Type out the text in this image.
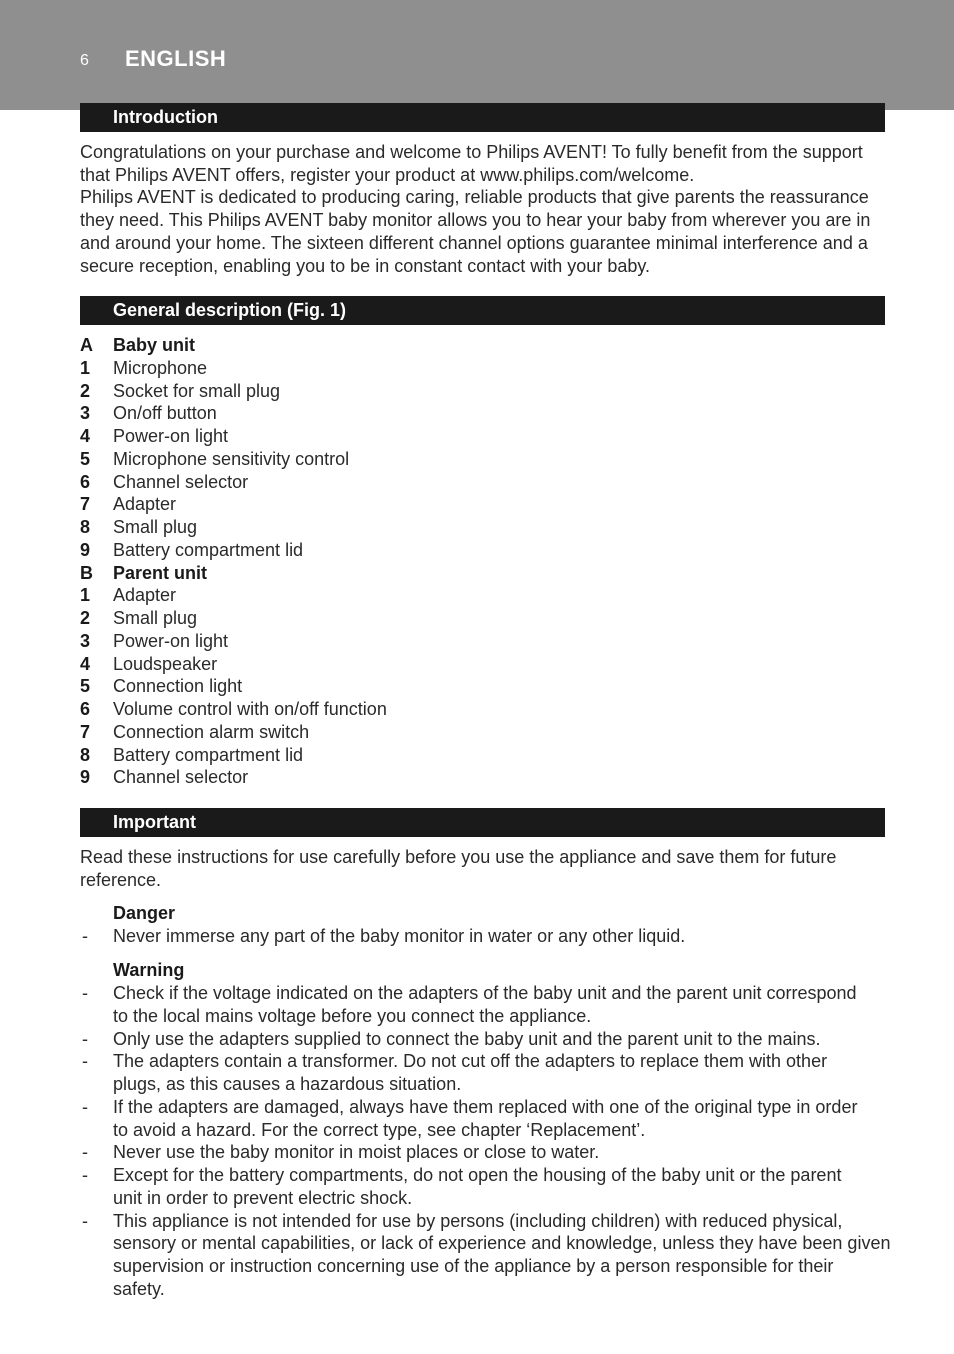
6 ENGLISH
Introduction
Congratulations on your purchase and welcome to Philips AVENT! To fully benefit from the support
that Philips AVENT offers, register your product at www.philips.com/welcome.
Philips AVENT is dedicated to producing caring, reliable products that give parents the reassurance
they need. This Philips AVENT baby monitor allows you to hear your baby from wherever you are in
and around your home. The sixteen different channel options guarantee minimal interference and a
secure reception, enabling you to be in constant contact with your baby.
General description (Fig. 1)
A	Baby unit
1	Microphone
2	Socket for small plug
3	On/off button
4	Power-on light
5	Microphone sensitivity control
6	Channel selector
7	Adapter
8	Small plug
9	Battery compartment lid
B	Parent unit
1	Adapter
2	Small plug
3	Power-on light
4	Loudspeaker
5	Connection light
6	Volume control with on/off function
7	Connection alarm switch
8	Battery compartment lid
9	Channel selector
Important
Read these instructions for use carefully before you use the appliance and save them for future
reference.
Danger
- Never immerse any part of the baby monitor in water or any other liquid.
Warning
- Check if the voltage indicated on the adapters of the baby unit and the parent unit correspond
to the local mains voltage before you connect the appliance.
- Only use the adapters supplied to connect the baby unit and the parent unit to the mains.
- The adapters contain a transformer. Do not cut off the adapters to replace them with other
plugs, as this causes a hazardous situation.
- If the adapters are damaged, always have them replaced with one of the original type in order
to avoid a hazard. For the correct type, see chapter ‘Replacement’.
- Never use the baby monitor in moist places or close to water.
- Except for the battery compartments, do not open the housing of the baby unit or the parent
unit in order to prevent electric shock.
- This appliance is not intended for use by persons (including children) with reduced physical,
sensory or mental capabilities, or lack of experience and knowledge, unless they have been given
supervision or instruction concerning use of the appliance by a person responsible for their
safety.
